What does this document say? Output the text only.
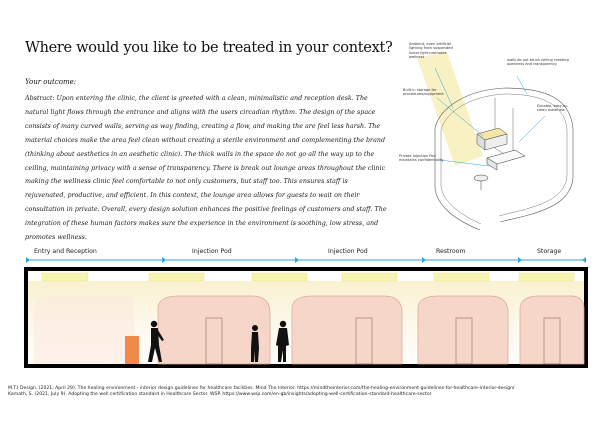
Where would you like to be treated in your context?
Your outcome:

Abstract: Upon entering the clinic, the client is greeted with a clean, minimalistic and reception desk. The natural light flows through the entrance and aligns with the users circadian rhythm. The design of the space consists of many curved walls, serving as way finding, creating a flow, and making the are feel less harsh. The material choices make the area feel clean without creating a sterile environment and complementing the brand (thinking about aesthetics in an aesthetic clinic). The thick walls in the space do not go all the way up to the ceiling, maintaining privacy with a sense of transparency. There is break out lounge areas throughout the clinic making the wellness clinic feel comfortable to not only customers, but staff too. This ensures staff is rejuvenated, productive, and efficient. In this context, the lounge area allows for guests to wait on their consultation in private. Overall, every design solution enhances the positive feelings of customers and staff. The integration of these human factors makes sure the experience in the environment is soothing, low stress, and promotes wellness.

Ambient, even artificial lighting from suspended linear light promotes wellness
walls do not touch ceiling creating openness and transparency
Built in storage for procedures/equipment
Durable, easy-to-clean materials
Private Injection Pod maintains confidentiality
Entry and Reception	Injection Pod	Injection Pod	Restroom	Storage

M.T.I Design. (2021, April 29). The healing environment - interior design guidelines for healthcare facilities. Mind The Interior. https://mindtheinterior.com/the-healing-environment-guidelines-for-healthcare-interior-design/

Kamath, S. (2021, July 9). Adopting the well certification standard in Healthcare Sector. WSP. https://www.wsp.com/en-gb/insights/adopting-well-certification-standard-healthcare-sector
